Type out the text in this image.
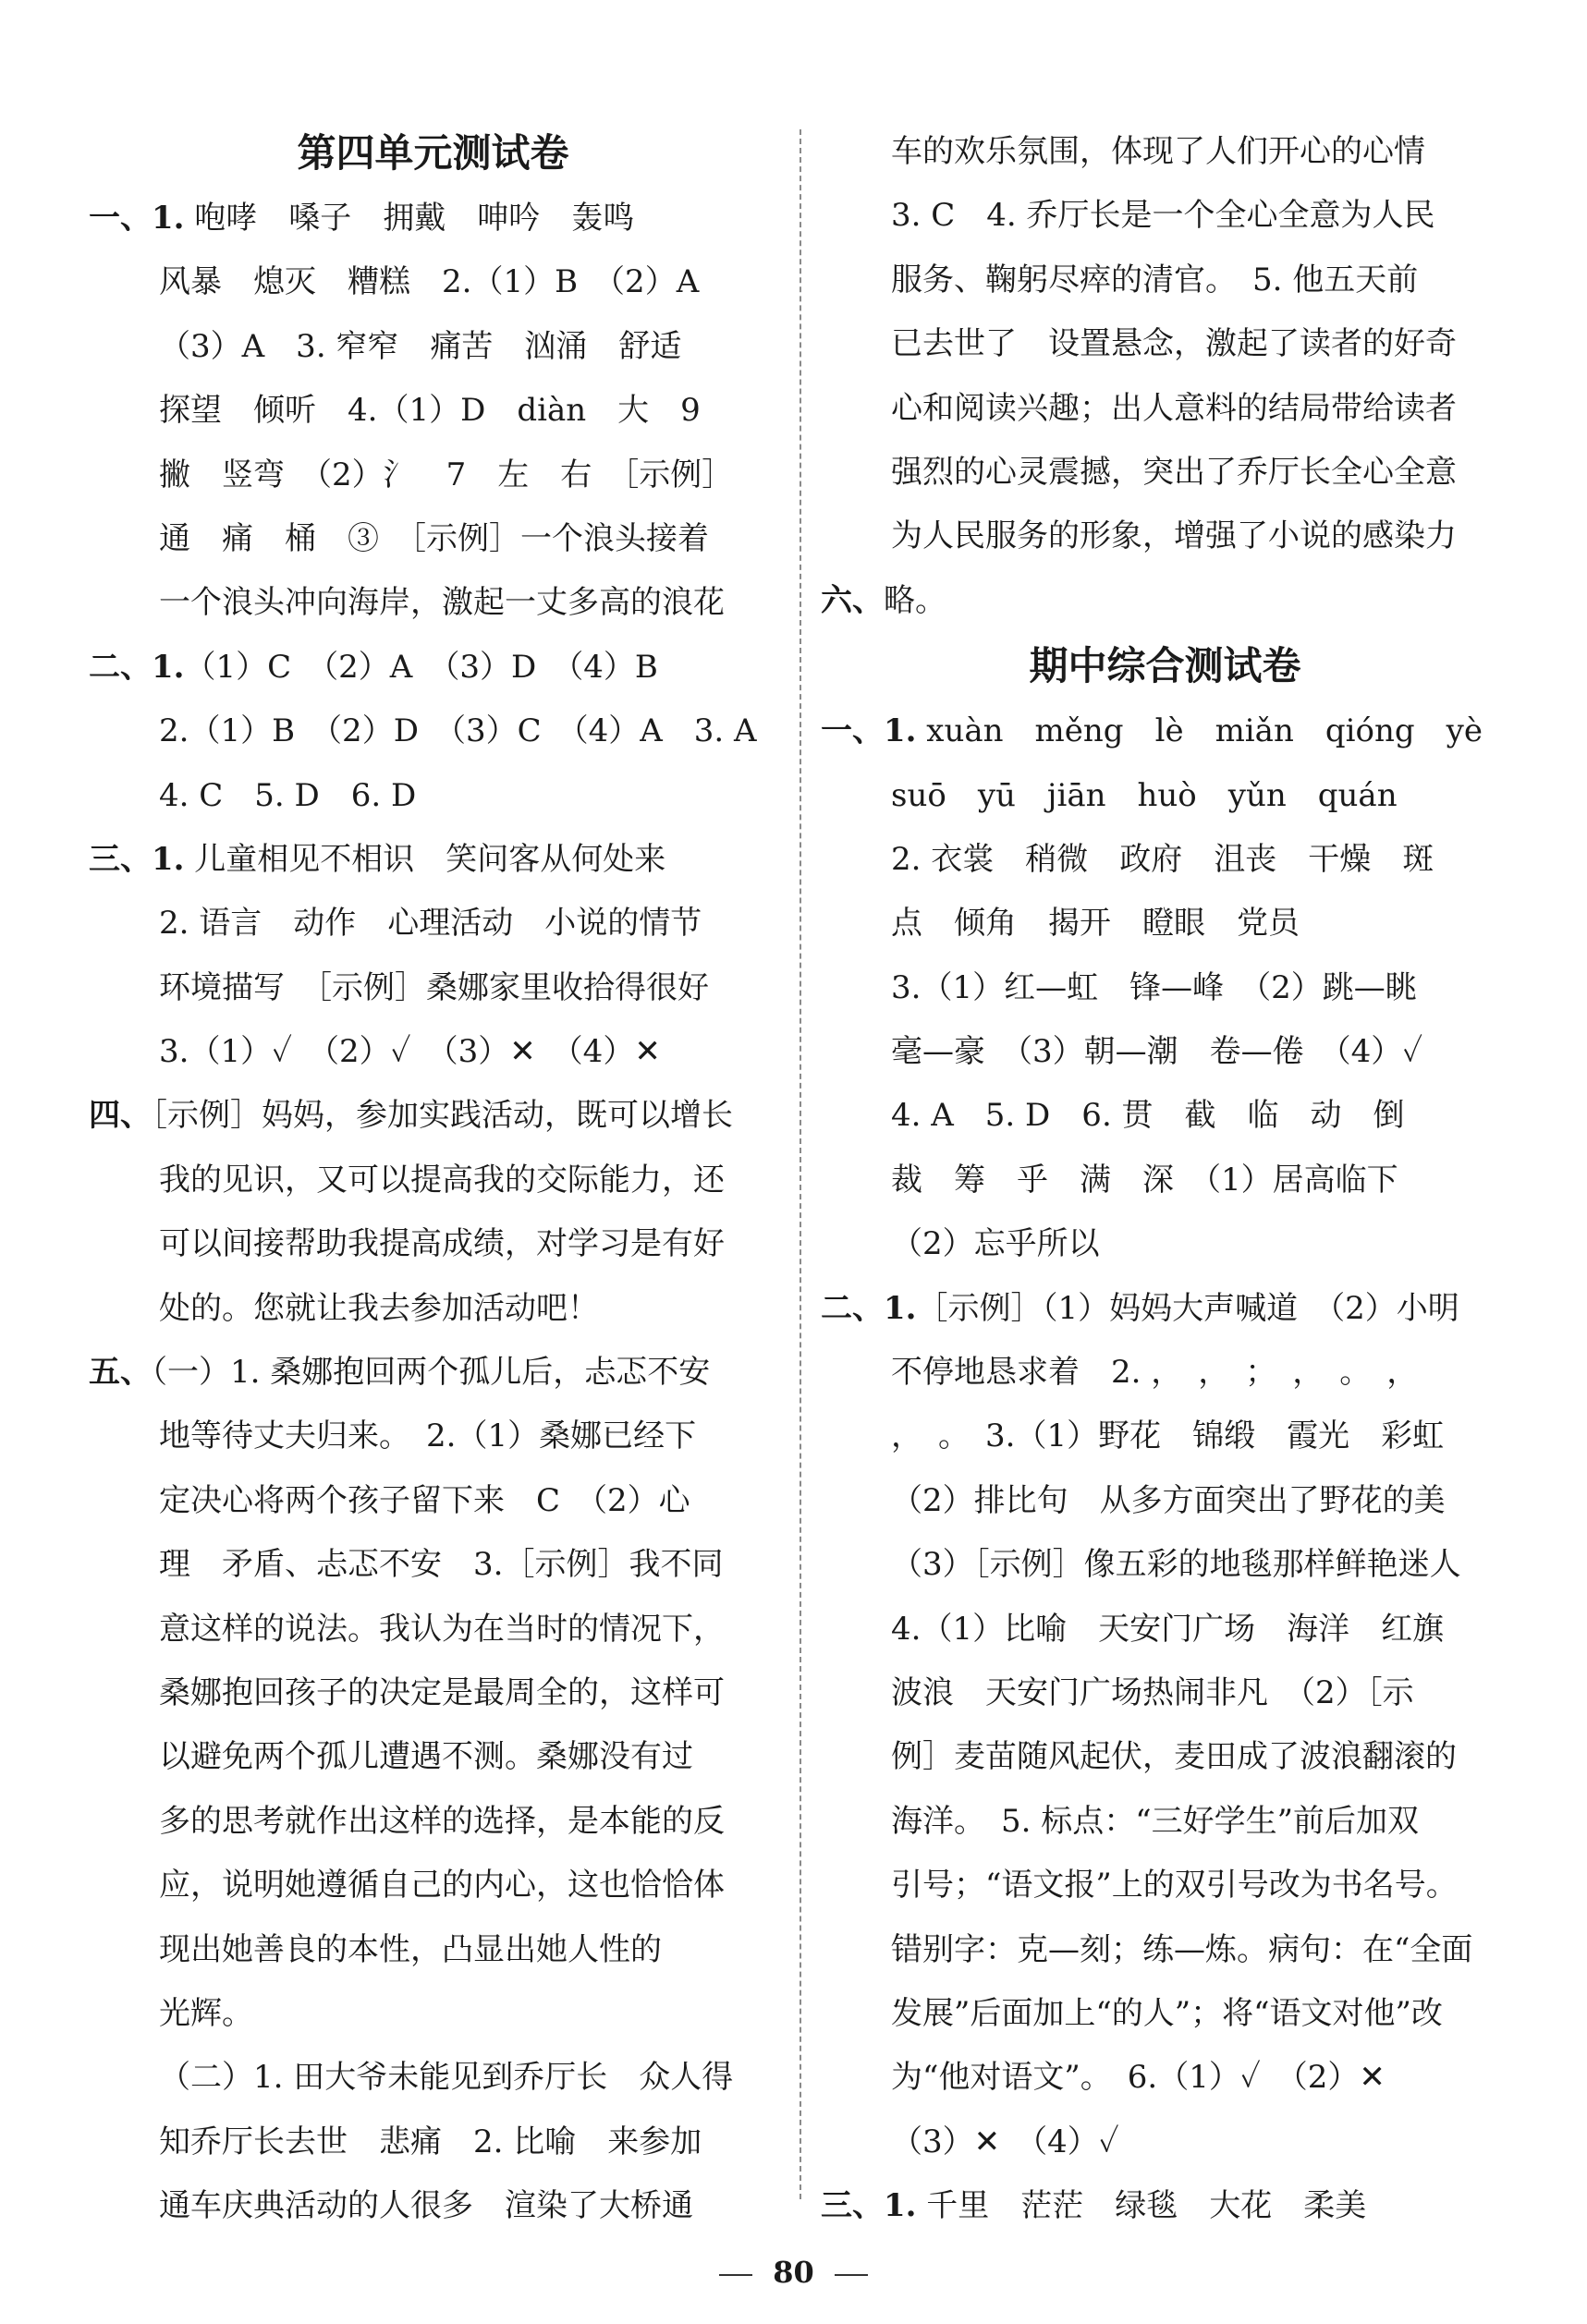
第四单元测试卷
一、1. 咆哮　嗓子　拥戴　呻吟　轰鸣
风暴　熄灭　糟糕　2.（1）B　（2）A
（3）A　3. 窄窄　痛苦　汹涌　舒适
探望　倾听　4.（1）D　diàn　大　9
撇　竖弯　（2）氵　7　左　右　［示例］
通　痛　桶　③　［示例］一个浪头接着
一个浪头冲向海岸，激起一丈多高的浪花
二、1.（1）C　（2）A　（3）D　（4）B
2.（1）B　（2）D　（3）C　（4）A　3. A
4. C　5. D　6. D
三、1. 儿童相见不相识　笑问客从何处来
2. 语言　动作　心理活动　小说的情节
环境描写　［示例］桑娜家里收拾得很好
3.（1）✓　（2）✓　（3）✕　（4）✕
四、［示例］妈妈，参加实践活动，既可以增长
我的见识，又可以提高我的交际能力，还
可以间接帮助我提高成绩，对学习是有好
处的。您就让我去参加活动吧！
五、（一）1. 桑娜抱回两个孤儿后，忐忑不安
地等待丈夫归来。　2.（1）桑娜已经下
定决心将两个孩子留下来　C　（2）心
理　矛盾、忐忑不安　3.［示例］我不同
意这样的说法。我认为在当时的情况下，
桑娜抱回孩子的决定是最周全的，这样可
以避免两个孤儿遭遇不测。桑娜没有过
多的思考就作出这样的选择，是本能的反
应，说明她遵循自己的内心，这也恰恰体
现出她善良的本性，凸显出她人性的
光辉。
（二）1. 田大爷未能见到乔厅长　众人得
知乔厅长去世　悲痛　2. 比喻　来参加
通车庆典活动的人很多　渲染了大桥通
车的欢乐氛围，体现了人们开心的心情
3. C　4. 乔厅长是一个全心全意为人民
服务、鞠躬尽瘁的清官。　5. 他五天前
已去世了　设置悬念，激起了读者的好奇
心和阅读兴趣；出人意料的结局带给读者
强烈的心灵震撼，突出了乔厅长全心全意
为人民服务的形象，增强了小说的感染力
六、略。
期中综合测试卷
一、1. xuàn　měng　lè　miǎn　qióng　yè
suō　yū　jiān　huò　yǔn　quán
2. 衣裳　稍微　政府　沮丧　干燥　斑
点　倾角　揭开　瞪眼　党员
3.（1）红—虹　锋—峰　（2）跳—眺
毫—豪　（3）朝—潮　卷—倦　（4）✓
4. A　5. D　6. 贯　截　临　动　倒
裁　筹　乎　满　深　（1）居高临下
（2）忘乎所以
二、1.［示例］（1）妈妈大声喊道　（2）小明
不停地恳求着　2. ，　，　；　，　。　，
，　。　3.（1）野花　锦缎　霞光　彩虹
（2）排比句　从多方面突出了野花的美
（3）［示例］像五彩的地毯那样鲜艳迷人
4.（1）比喻　天安门广场　海洋　红旗
波浪　天安门广场热闹非凡　（2）［示
例］麦苗随风起伏，麦田成了波浪翻滚的
海洋。　5. 标点：“三好学生”前后加双
引号；“语文报”上的双引号改为书名号。
错别字：克—刻；练—炼。病句：在“全面
发展”后面加上“的人”；将“语文对他”改
为“他对语文”。　6.（1）✓　（2）✕
（3）✕　（4）✓
三、1. 千里　茫茫　绿毯　大花　柔美
80
